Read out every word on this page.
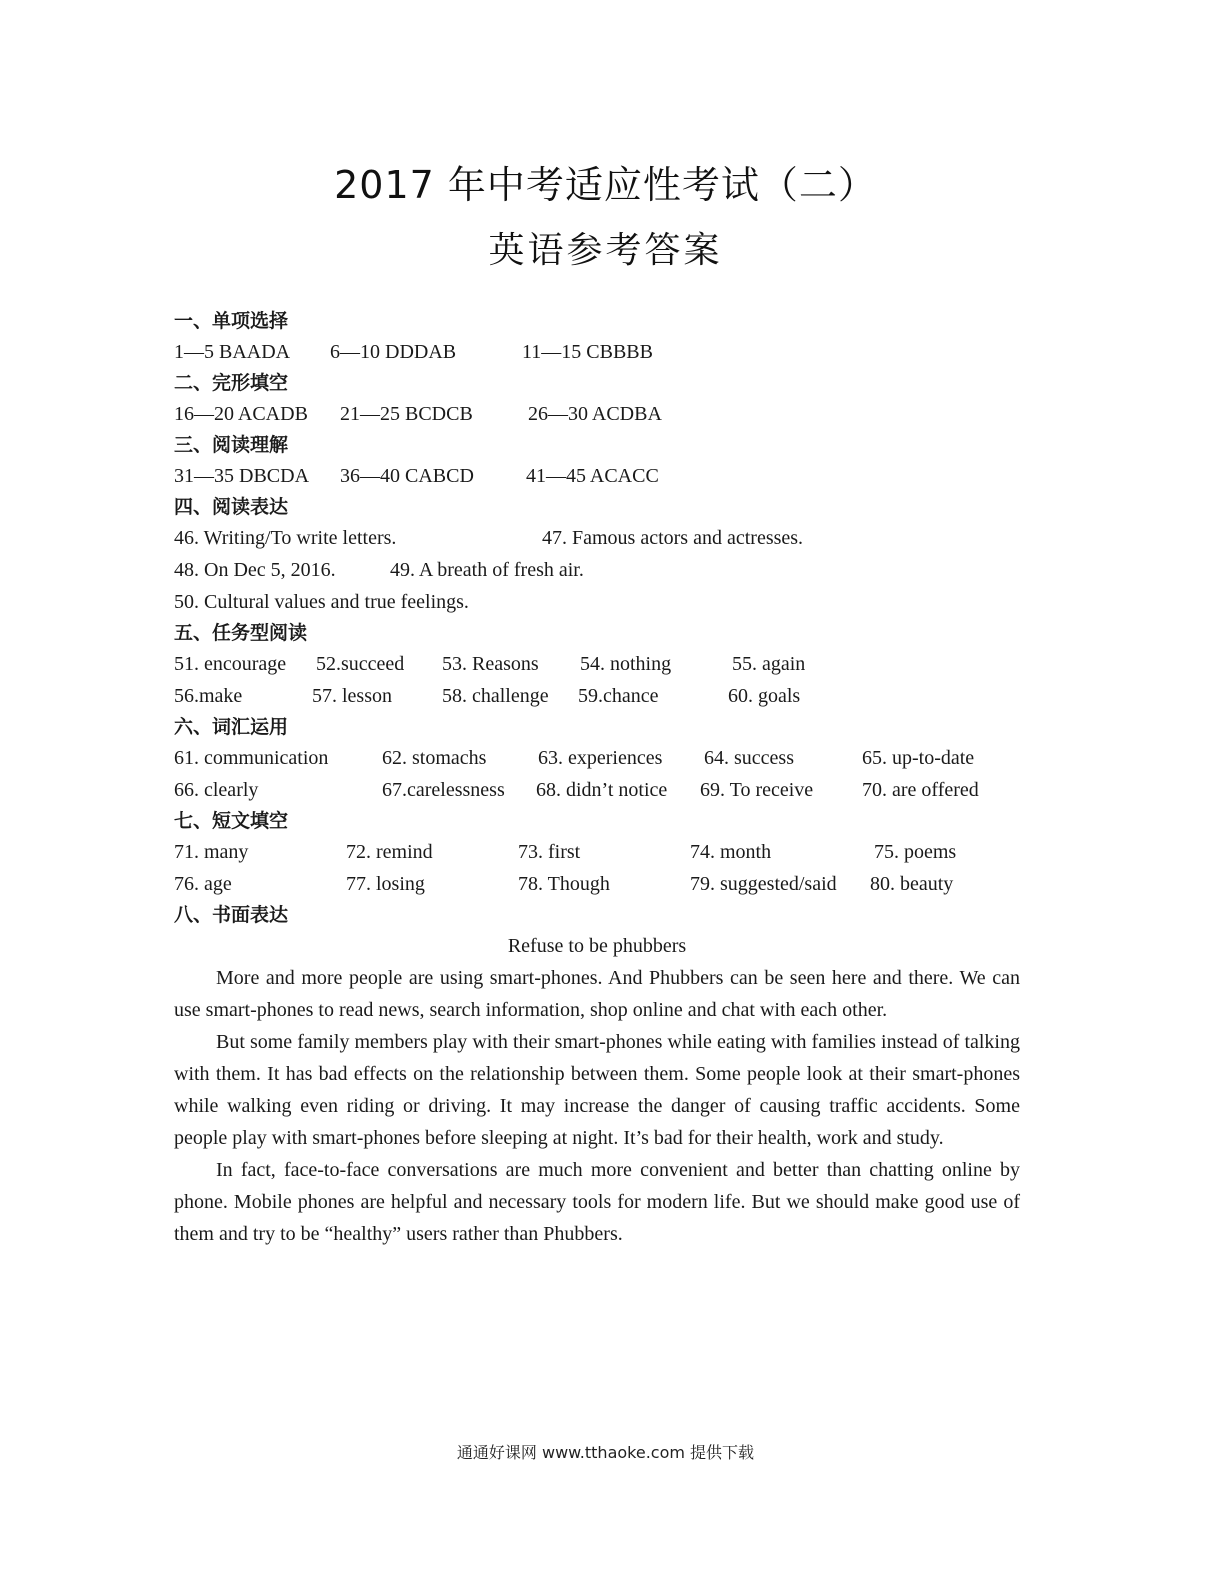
2017 年中考适应性考试（二）
英语参考答案
一、单项选择
1—5 BAADA 6—10 DDDAB	11—15 CBBBB
二、完形填空
16—20 ACADB 21—25 BCDCB	26—30 ACDBA
三、阅读理解
31—35 DBCDA 36—40 CABCD	41—45 ACACC
四、阅读表达
46. Writing/To write letters.	47. Famous actors and actresses.
48. On Dec 5, 2016.	49. A breath of fresh air.
50. Cultural values and true feelings.
五、任务型阅读
51. encourage 52.succeed 53. Reasons 54. nothing	55. again
56.make	57. lesson	58. challenge 59.chance	60. goals
六、词汇运用
61. communication	62. stomachs	63. experiences 64. success	65. up-to-date
66. clearly	67.carelessness 68. didn’t notice 69. To receive 70. are offered
七、短文填空
71. many	72. remind	73. first	74. month	75. poems
76. age	77. losing	78. Though	79. suggested/said 80. beauty
八、书面表达
Refuse to be phubbers

More and more people are using smart-phones. And Phubbers can be seen here and there. We can use smart-phones to read news, search information, shop online and chat with each other.

But some family members play with their smart-phones while eating with families instead of talking with them. It has bad effects on the relationship between them. Some people look at their smart-phones while walking even riding or driving. It may increase the danger of causing traffic accidents. Some people play with smart-phones before sleeping at night. It’s bad for their health, work and study.

In fact, face-to-face conversations are much more convenient and better than chatting online by phone. Mobile phones are helpful and necessary tools for modern life. But we should make good use of them and try to be “healthy” users rather than Phubbers.

通通好课网 www.tthaoke.com 提供下载
